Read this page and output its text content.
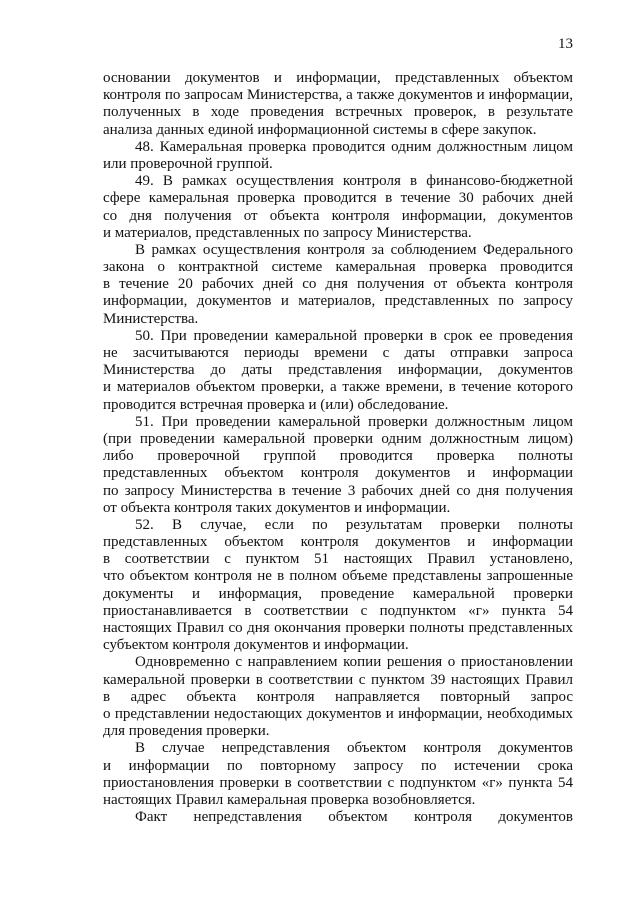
13
основании документов и информации, представленных объектом
контроля по запросам Министерства, а также документов и информации,
полученных в ходе проведения встречных проверок, в результате
анализа данных единой информационной системы в сфере закупок.
48. Камеральная проверка проводится одним должностным лицом
или проверочной группой.
49. В рамках осуществления контроля в финансово-бюджетной
сфере камеральная проверка проводится в течение 30 рабочих дней
со дня получения от объекта контроля информации, документов
и материалов, представленных по запросу Министерства.
В рамках осуществления контроля за соблюдением Федерального
закона о контрактной системе камеральная проверка проводится
в течение 20 рабочих дней со дня получения от объекта контроля
информации, документов и материалов, представленных по запросу
Министерства.
50. При проведении камеральной проверки в срок ее проведения
не засчитываются периоды времени с даты отправки запроса
Министерства до даты представления информации, документов
и материалов объектом проверки, а также времени, в течение которого
проводится встречная проверка и (или) обследование.
51. При проведении камеральной проверки должностным лицом
(при проведении камеральной проверки одним должностным лицом)
либо проверочной группой проводится проверка полноты
представленных объектом контроля документов и информации
по запросу Министерства в течение 3 рабочих дней со дня получения
от объекта контроля таких документов и информации.
52. В случае, если по результатам проверки полноты
представленных объектом контроля документов и информации
в соответствии с пунктом 51 настоящих Правил установлено,
что объектом контроля не в полном объеме представлены запрошенные
документы и информация, проведение камеральной проверки
приостанавливается в соответствии с подпунктом «г» пункта 54
настоящих Правил со дня окончания проверки полноты представленных
субъектом контроля документов и информации.
Одновременно с направлением копии решения о приостановлении
камеральной проверки в соответствии с пунктом 39 настоящих Правил
в адрес объекта контроля направляется повторный запрос
о представлении недостающих документов и информации, необходимых
для проведения проверки.
В случае непредставления объектом контроля документов
и информации по повторному запросу по истечении срока
приостановления проверки в соответствии с подпунктом «г» пункта 54
настоящих Правил камеральная проверка возобновляется.
Факт непредставления объектом контроля документов
